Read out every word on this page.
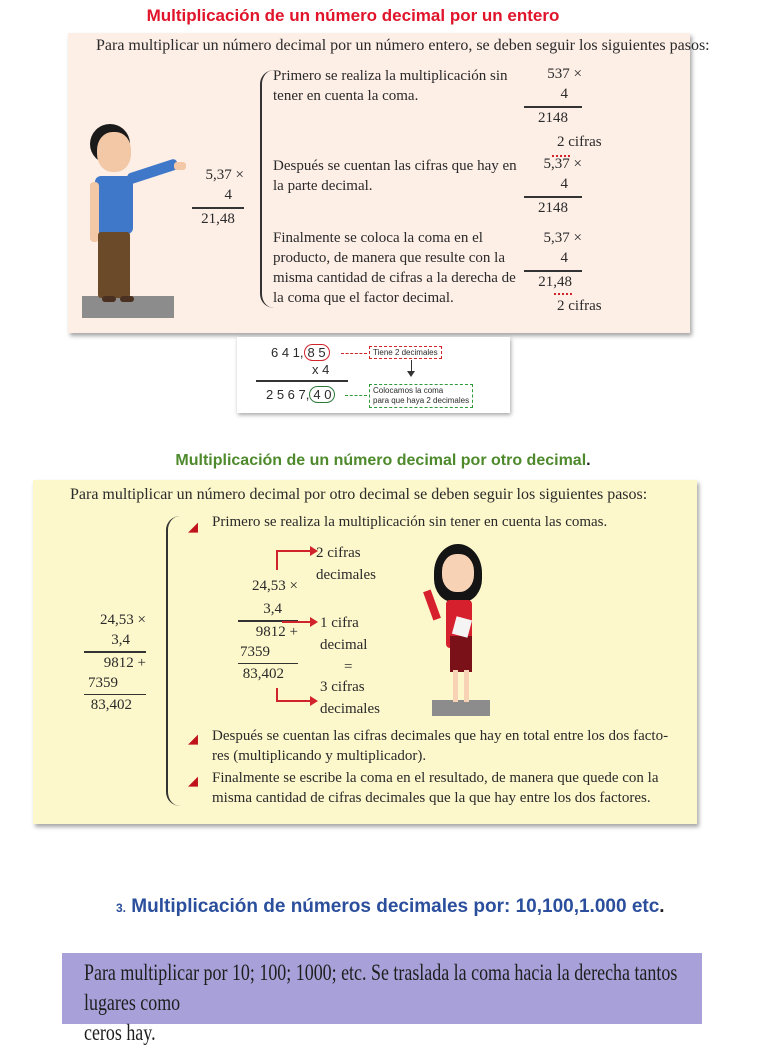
Multiplicación de un número decimal por un entero
Para multiplicar un número decimal por un número entero, se deben seguir los siguientes pasos:
5,37 ×
4
21,48
Primero se realiza la multiplicación sin
tener en cuenta la coma.
537 ×
4
2148
Después se cuentan las cifras que hay en
la parte decimal.
2 cifras
5,37 ×
4
2148
Finalmente se coloca la coma en el
producto, de manera que resulte con la
misma cantidad de cifras a la derecha de
la coma que el factor decimal.
5,37 ×
4
21,48
2 cifras
6 4 1, 8 5	Tiene 2 decimales
x 4
2 5 6 7, 4 0	Colocamos la coma
para que haya 2 decimales
Multiplicación de un número decimal por otro decimal.
Para multiplicar un número decimal por otro decimal se deben seguir los siguientes pasos:
◢ Primero se realiza la multiplicación sin tener en cuenta las comas.
24,53 ×
3,4
9812 +
7359
83,402
24,53 ×
3,4
9812 +
7359
83,402
2 cifras
decimales
1 cifra
decimal
=
3 cifras
decimales
◢ Después se cuentan las cifras decimales que hay en total entre los dos facto-
res (multiplicando y multiplicador).
◢ Finalmente se escribe la coma en el resultado, de manera que quede con la
misma cantidad de cifras decimales que la que hay entre los dos factores.
3. Multiplicación de números decimales por: 10,100,1.000 etc.
Para multiplicar por 10; 100; 1000; etc. Se traslada la coma hacia la derecha tantos lugares como
ceros hay.
